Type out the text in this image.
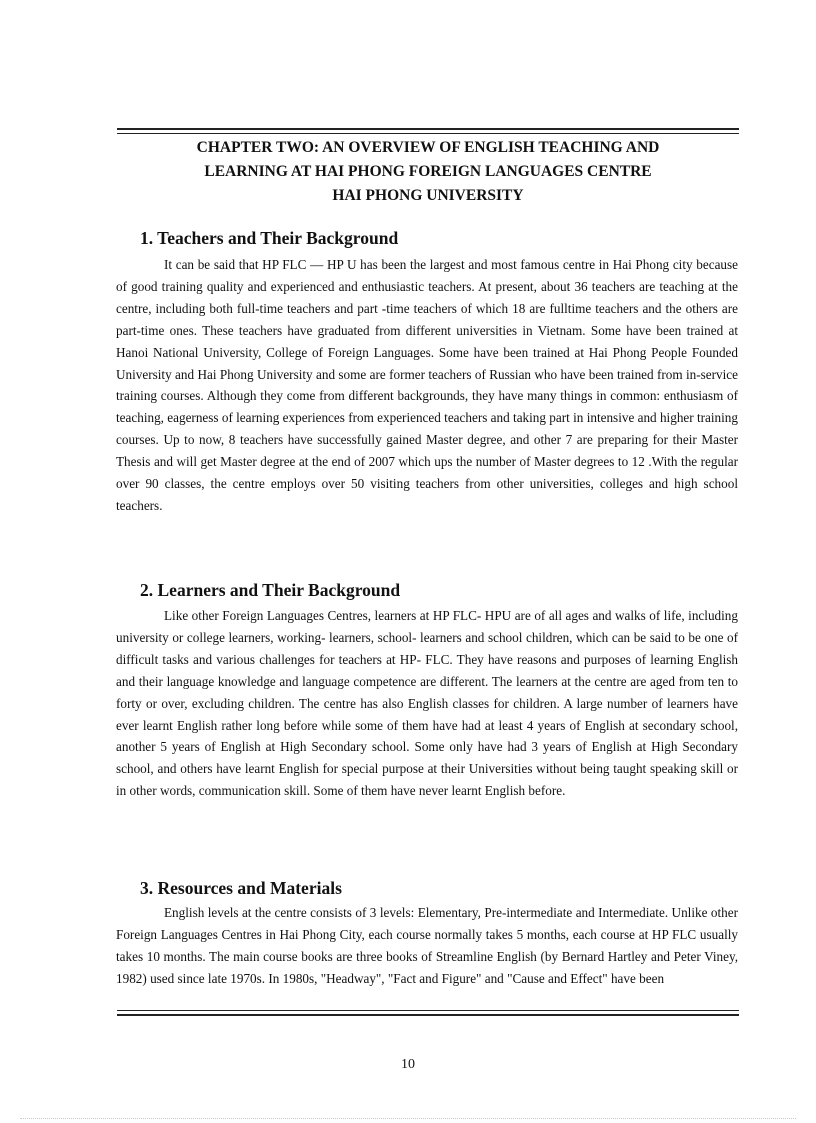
CHAPTER TWO: AN OVERVIEW OF ENGLISH TEACHING AND
LEARNING AT HAI PHONG FOREIGN LANGUAGES CENTRE
HAI PHONG UNIVERSITY
1. Teachers and Their Background

It can be said that HP FLC — HP U has been the largest and most famous centre in Hai Phong city because of good training quality and experienced and enthusiastic teachers. At present, about 36 teachers are teaching at the centre, including both full-time teachers and part -time teachers of which 18 are fulltime teachers and the others are part-time ones. These teachers have graduated from different universities in Vietnam. Some have been trained at Hanoi National University, College of Foreign Languages. Some have been trained at Hai Phong People Founded University and Hai Phong University and some are former teachers of Russian who have been trained from in-service training courses. Although they come from different backgrounds, they have many things in common: enthusiasm of teaching, eagerness of learning experiences from experienced teachers and taking part in intensive and higher training courses. Up to now, 8 teachers have successfully gained Master degree, and other 7 are preparing for their Master Thesis and will get Master degree at the end of 2007 which ups the number of Master degrees to 12 .With the regular over 90 classes, the centre employs over 50 visiting teachers from other universities, colleges and high school teachers.

2. Learners and Their Background

Like other Foreign Languages Centres, learners at HP FLC- HPU are of all ages and walks of life, including university or college learners, working- learners, school- learners and school children, which can be said to be one of difficult tasks and various challenges for teachers at HP- FLC. They have reasons and purposes of learning English and their language knowledge and language competence are different. The learners at the centre are aged from ten to forty or over, excluding children. The centre has also English classes for children. A large number of learners have ever learnt English rather long before while some of them have had at least 4 years of English at secondary school, another 5 years of English at High Secondary school. Some only have had 3 years of English at High Secondary school, and others have learnt English for special purpose at their Universities without being taught speaking skill or in other words, communication skill. Some of them have never learnt English before.

3. Resources and Materials

English levels at the centre consists of 3 levels: Elementary, Pre-intermediate and Intermediate. Unlike other Foreign Languages Centres in Hai Phong City, each course normally takes 5 months, each course at HP FLC usually takes 10 months. The main course books are three books of Streamline English (by Bernard Hartley and Peter Viney, 1982) used since late 1970s. In 1980s, "Headway", "Fact and Figure" and "Cause and Effect" have been

10
